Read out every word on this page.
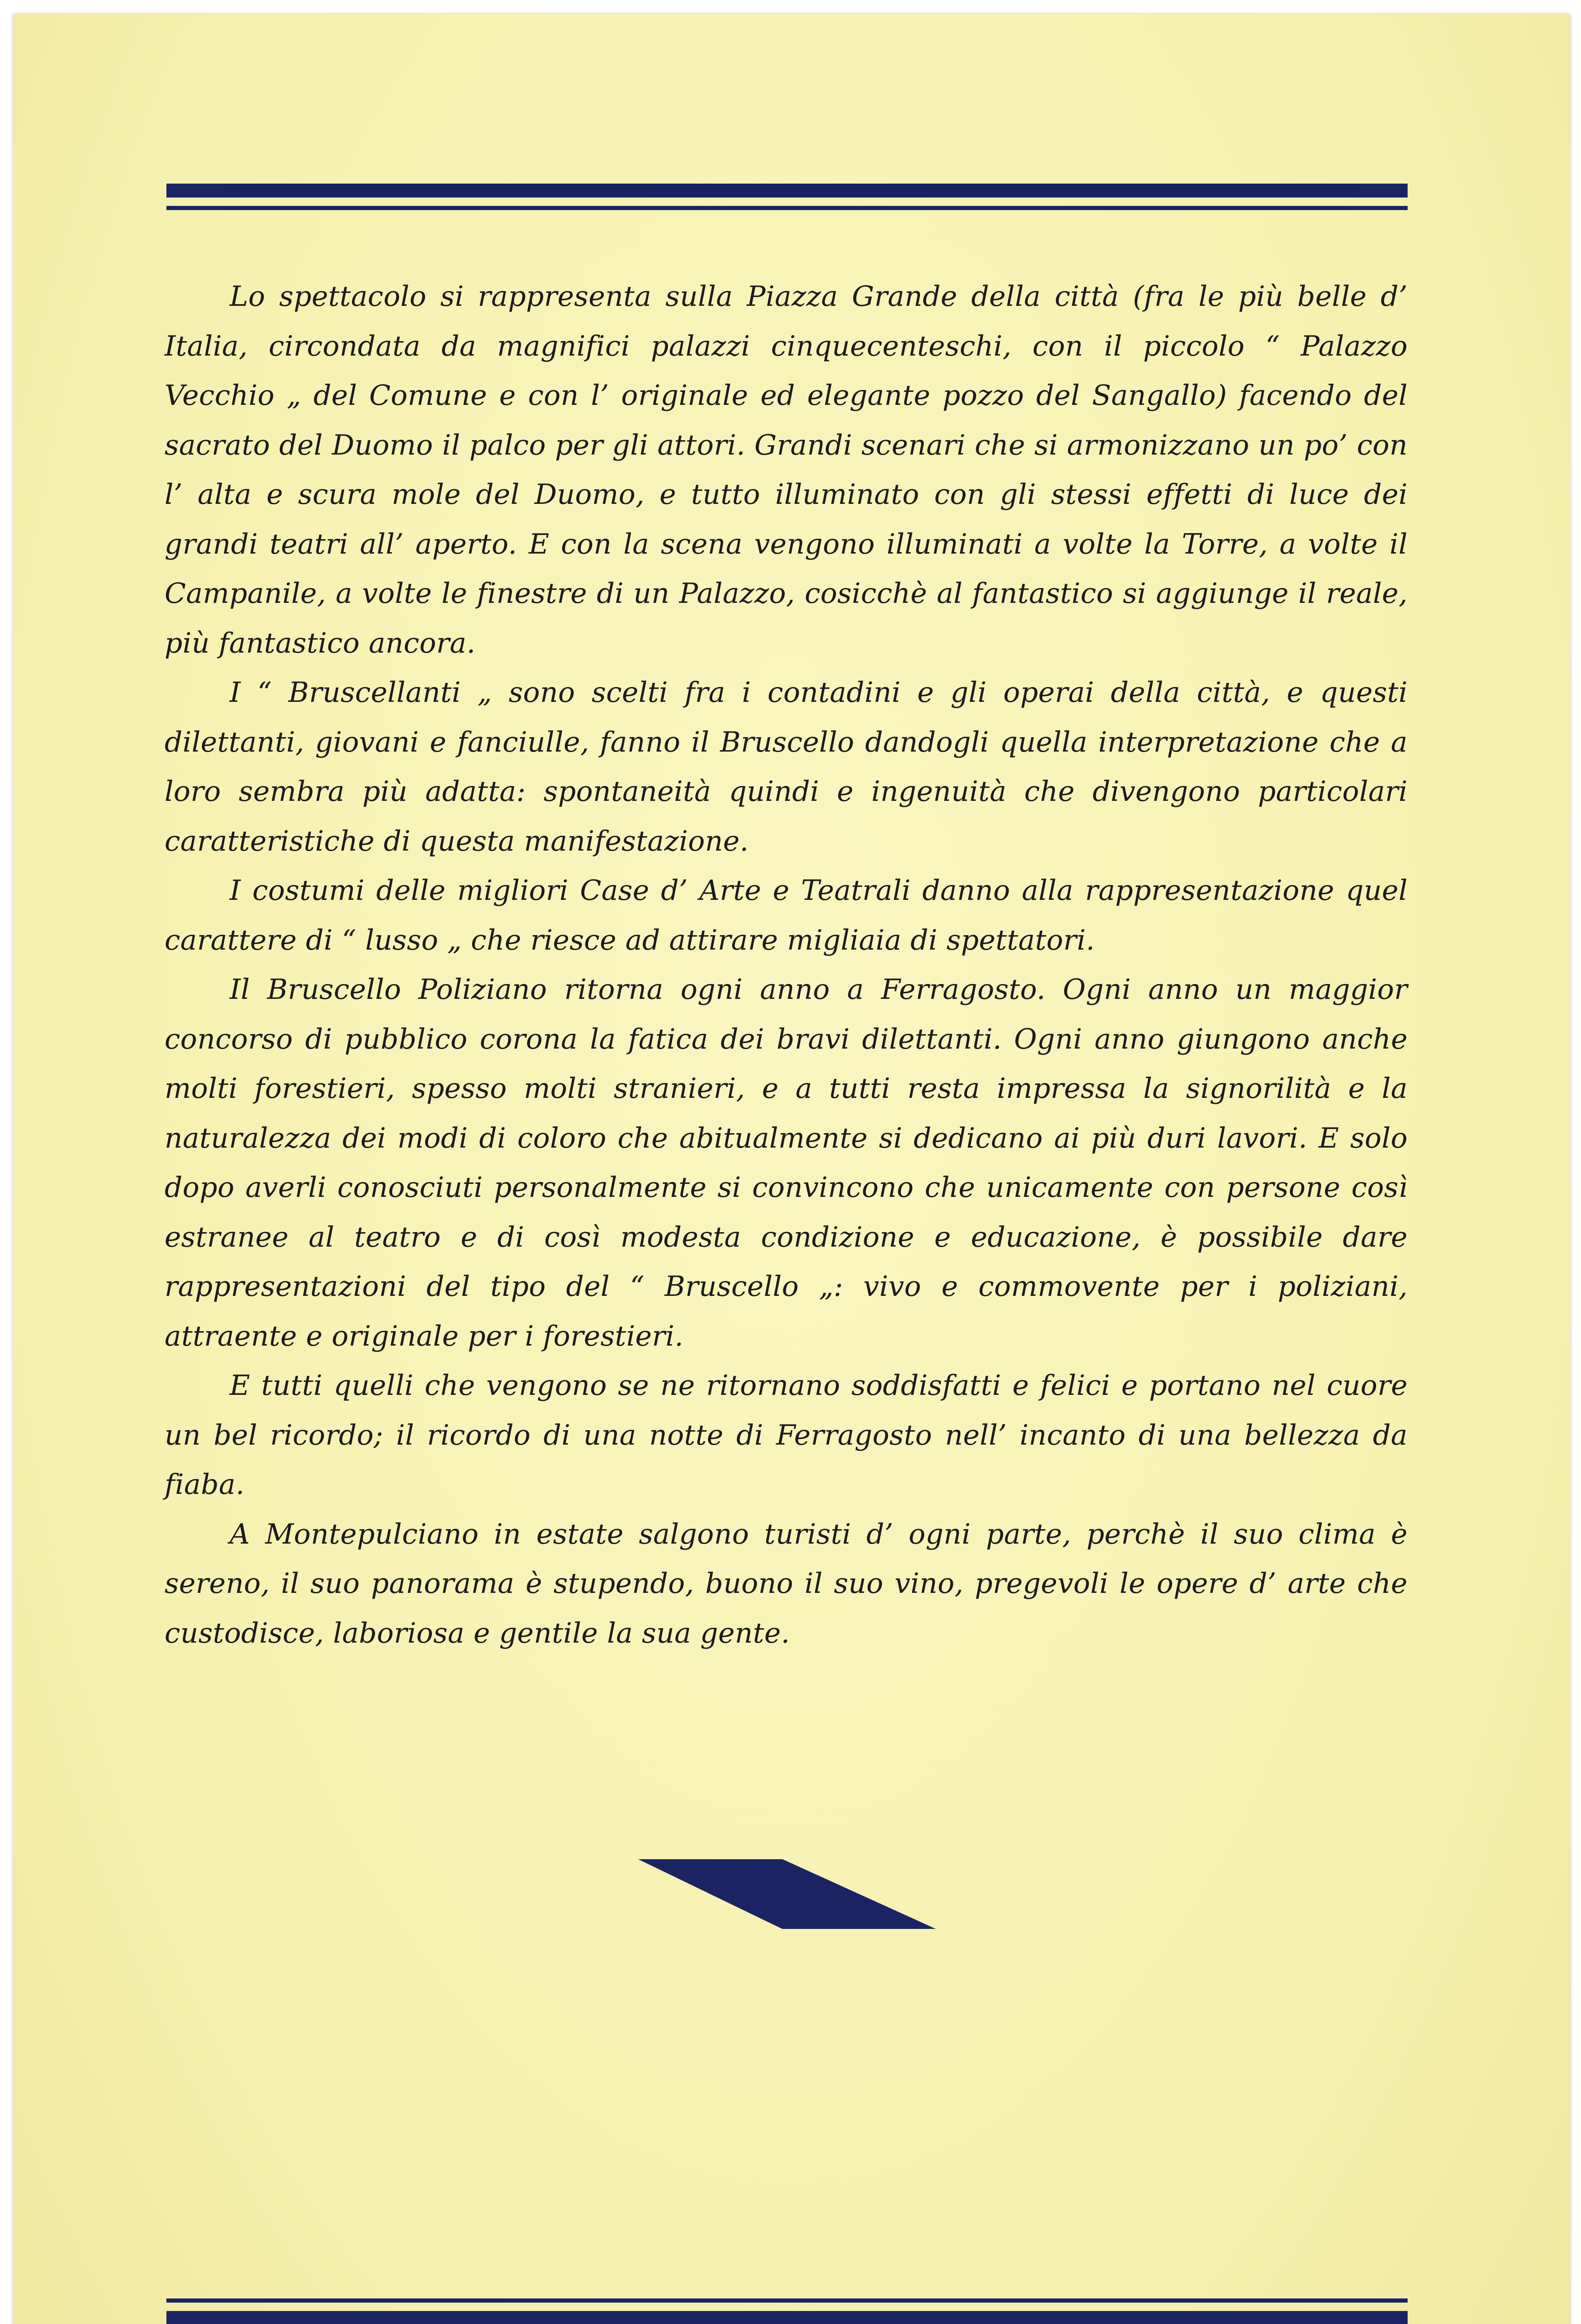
Lo spettacolo si rappresenta sulla Piazza Grande della città (fra le più belle d’ Italia, circondata da magnifici palazzi cinquecenteschi, con il piccolo “ Palazzo Vecchio „ del Comune e con l’ originale ed elegante pozzo del Sangallo) facendo del sacrato del Duomo il palco per gli attori. Grandi scenari che si armonizzano un po’ con l’ alta e scura mole del Duomo, e tutto illuminato con gli stessi effetti di luce dei grandi teatri all’ aperto. E con la scena vengono illuminati a volte la Torre, a volte il Campanile, a volte le finestre di un Palazzo, cosicchè al fantastico si aggiunge il reale, più fantastico ancora.

I “ Bruscellanti „ sono scelti fra i contadini e gli operai della città, e questi dilettanti, giovani e fanciulle, fanno il Bruscello dandogli quella interpretazione che a loro sembra più adatta: spontaneità quindi e ingenuità che divengono particolari caratteristiche di questa manifestazione.

I costumi delle migliori Case d’ Arte e Teatrali danno alla rappresentazione quel carattere di “ lusso „ che riesce ad attirare migliaia di spettatori.

Il Bruscello Poliziano ritorna ogni anno a Ferragosto. Ogni anno un maggior concorso di pubblico corona la fatica dei bravi dilettanti. Ogni anno giungono anche molti forestieri, spesso molti stranieri, e a tutti resta impressa la signorilità e la naturalezza dei modi di coloro che abitualmente si dedicano ai più duri lavori. E solo dopo averli conosciuti personalmente si convincono che unicamente con persone così estranee al teatro e di così modesta condizione e educazione, è possibile dare rappresentazioni del tipo del “ Bruscello „: vivo e commovente per i poliziani, attraente e originale per i forestieri.

E tutti quelli che vengono se ne ritornano soddisfatti e felici e portano nel cuore un bel ricordo; il ricordo di una notte di Ferragosto nell’ incanto di una bellezza da fiaba.

A Montepulciano in estate salgono turisti d’ ogni parte, perchè il suo clima è sereno, il suo panorama è stupendo, buono il suo vino, pregevoli le opere d’ arte che custodisce, laboriosa e gentile la sua gente.
